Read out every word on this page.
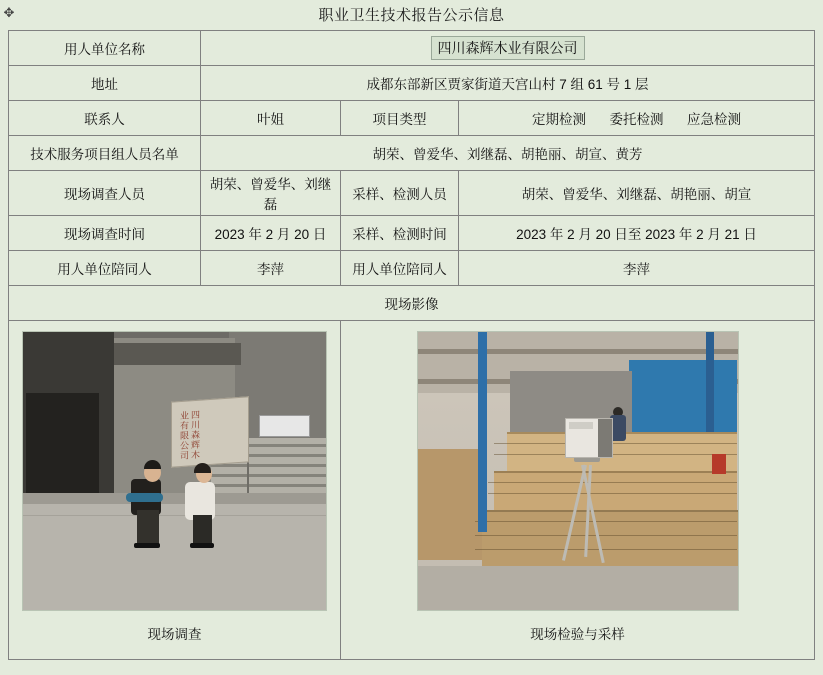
✥	职业卫生技术报告公示信息
用人单位名称	四川森辉木业有限公司		
地址	成都东部新区贾家街道天宫山村 7 组 61 号 1 层		
联系人	叶姐	项目类型	定期检测 委托检测 应急检测
技术服务项目组人员名单	胡荣、曾爱华、刘继磊、胡艳丽、胡宣、黄芳		
现场调查人员	胡荣、曾爱华、刘继磊	采样、检测人员	胡荣、曾爱华、刘继磊、胡艳丽、胡宣
现场调查时间	2023 年 2 月 20 日	采样、检测时间	2023 年 2 月 20 日至 2023 年 2 月 21 日
用人单位陪同人	李萍	用人单位陪同人	李萍
现场影像			

四川森辉木业有限公司
现场调查		现场检验与采样	
